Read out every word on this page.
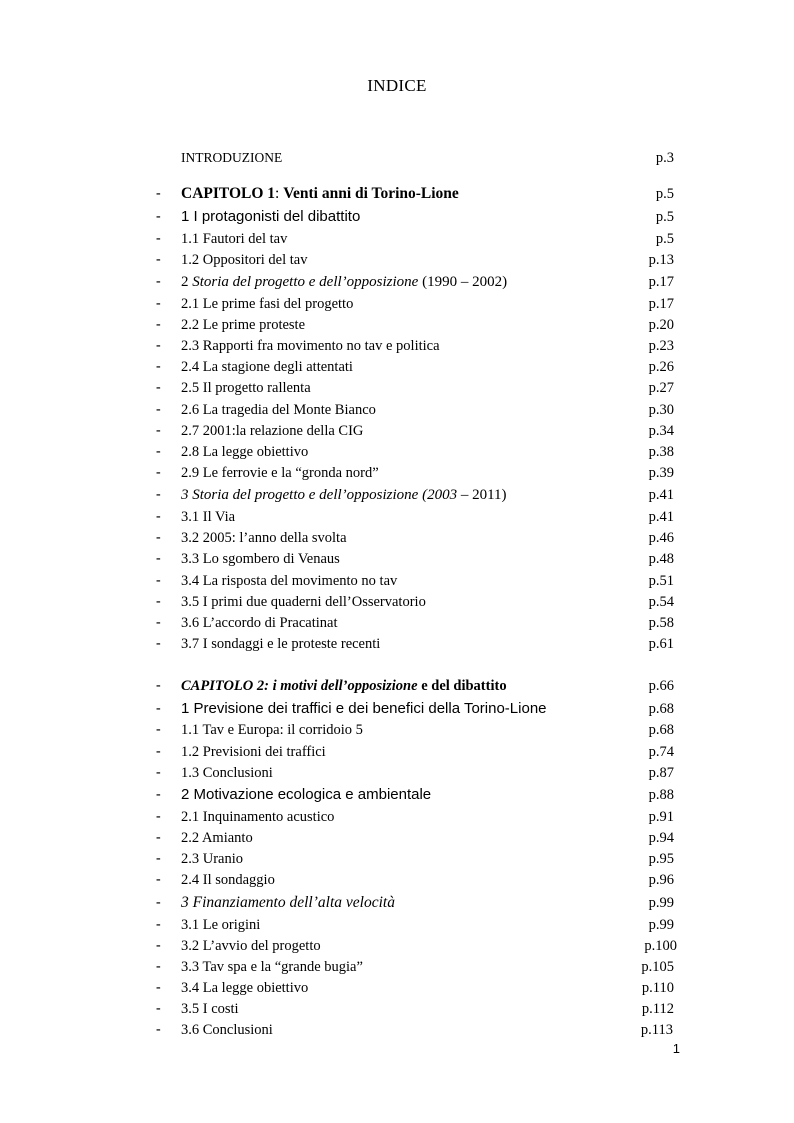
INDICE
INTRODUZIONE	p.3
- CAPITOLO 1: Venti anni di Torino-Lione	p.5
- 1 I protagonisti del dibattito	p.5
- 1.1 Fautori del tav	p.5
- 1.2 Oppositori del tav	p.13
- 2 Storia del progetto e dell’opposizione (1990 – 2002)	p.17
- 2.1 Le prime fasi del progetto	p.17
- 2.2 Le prime proteste	p.20
- 2.3 Rapporti fra movimento no tav e politica	p.23
- 2.4 La stagione degli attentati	p.26
- 2.5 Il progetto rallenta	p.27
- 2.6 La tragedia del Monte Bianco	p.30
- 2.7 2001:la relazione della CIG	p.34
- 2.8 La legge obiettivo	p.38
- 2.9 Le ferrovie e la “gronda nord”	p.39
- 3 Storia del progetto e dell’opposizione (2003 – 2011)	p.41
- 3.1 Il Via	p.41
- 3.2 2005: l’anno della svolta	p.46
- 3.3 Lo sgombero di Venaus	p.48
- 3.4 La risposta del movimento no tav	p.51
- 3.5 I primi due quaderni dell’Osservatorio	p.54
- 3.6 L’accordo di Pracatinat	p.58
- 3.7 I sondaggi e le proteste recenti	p.61
- CAPITOLO 2: i motivi dell’opposizione e del dibattito	p.66
- 1 Previsione dei traffici e dei benefici della Torino-Lione	p.68
- 1.1 Tav e Europa: il corridoio 5	p.68
- 1.2 Previsioni dei traffici	p.74
- 1.3 Conclusioni	p.87
- 2 Motivazione ecologica e ambientale	p.88
- 2.1 Inquinamento acustico	p.91
- 2.2 Amianto	p.94
- 2.3 Uranio	p.95
- 2.4 Il sondaggio	p.96
- 3 Finanziamento dell’alta velocità	p.99
- 3.1 Le origini	p.99
- 3.2 L’avvio del progetto	p.100
- 3.3 Tav spa e la “grande bugia”	p.105
- 3.4 La legge obiettivo	p.110
- 3.5 I costi	p.112
- 3.6 Conclusioni	p.113
1
